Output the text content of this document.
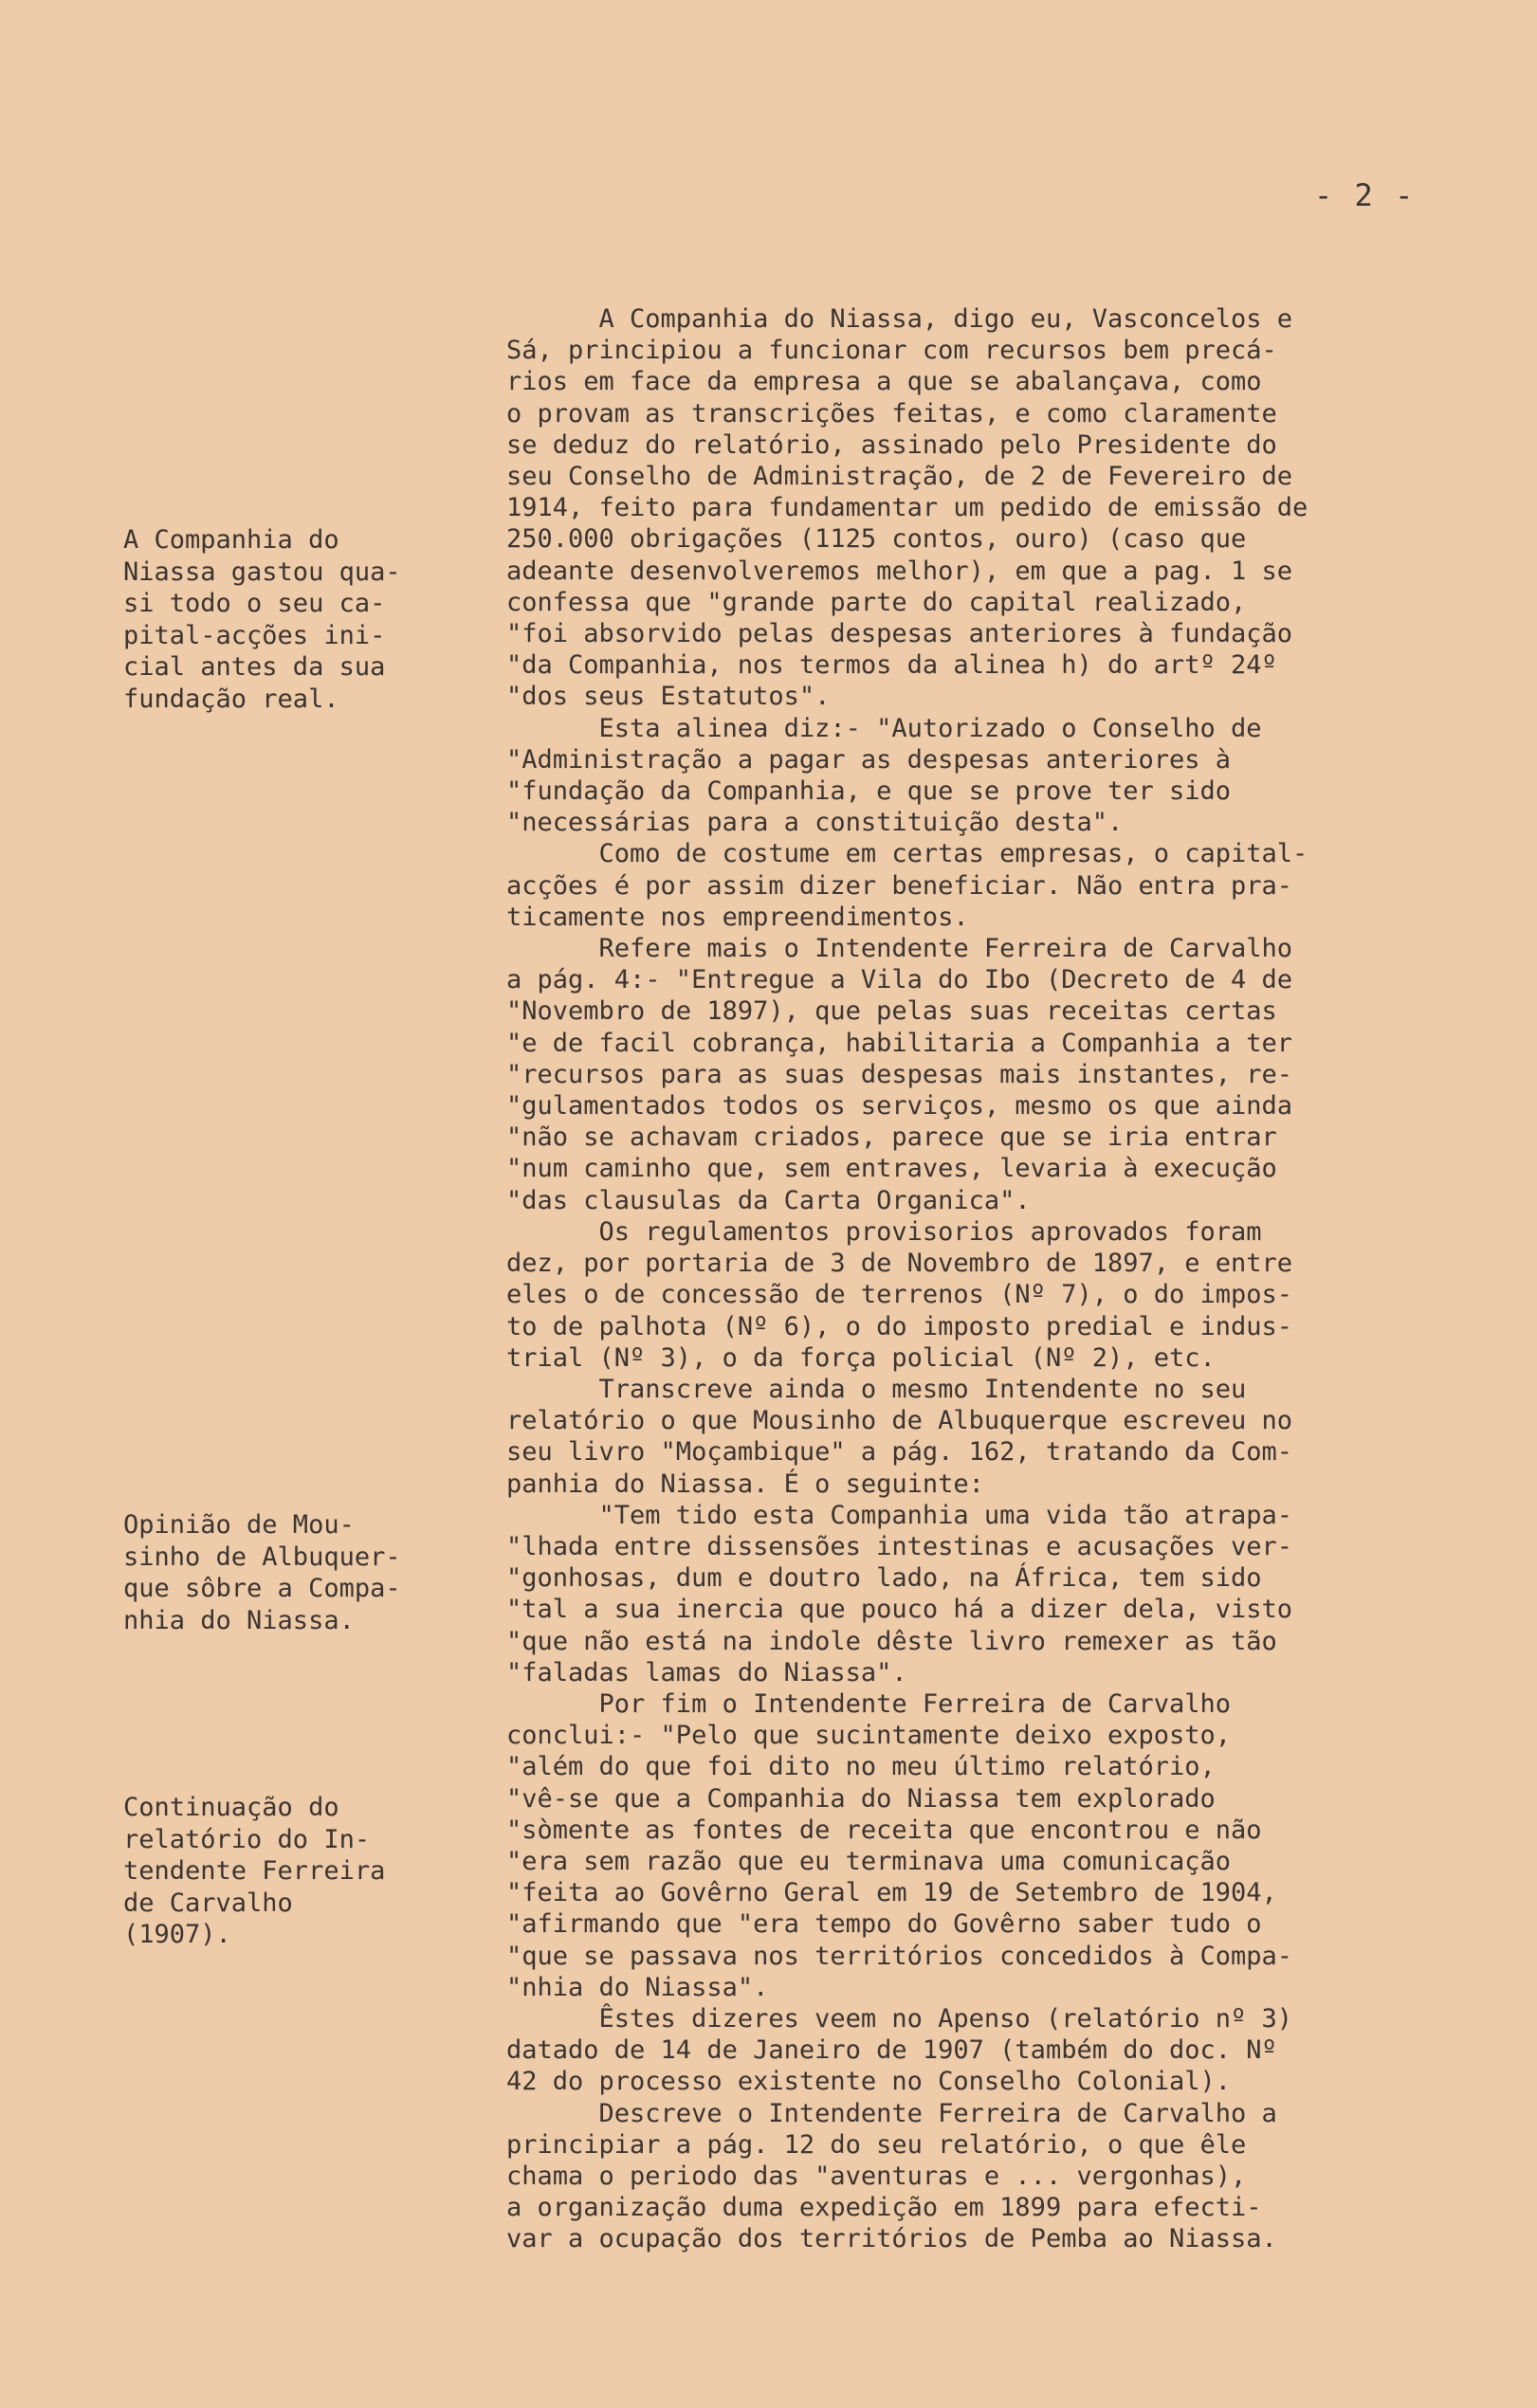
- 2 -
A Companhia do
Niassa gastou qua-
si todo o seu ca-
pital-acções ini-
cial antes da sua
fundação real.
Opinião de Mou-
sinho de Albuquer-
que sôbre a Compa-
nhia do Niassa.
Continuação do
relatório do In-
tendente Ferreira
de Carvalho
(1907).
A Companhia do Niassa, digo eu, Vasconcelos e
Sá, principiou a funcionar com recursos bem precá-
rios em face da empresa a que se abalançava, como
o provam as transcrições feitas, e como claramente
se deduz do relatório, assinado pelo Presidente do
seu Conselho de Administração, de 2 de Fevereiro de
1914, feito para fundamentar um pedido de emissão de
250.000 obrigações (1125 contos, ouro) (caso que
adeante desenvolveremos melhor), em que a pag. 1 se
confessa que "grande parte do capital realizado,
"foi absorvido pelas despesas anteriores à fundação
"da Companhia, nos termos da alinea h) do artº 24º
"dos seus Estatutos".
Esta alinea diz:- "Autorizado o Conselho de
"Administração a pagar as despesas anteriores à
"fundação da Companhia, e que se prove ter sido
"necessárias para a constituição desta".
Como de costume em certas empresas, o capital-
acções é por assim dizer beneficiar. Não entra pra-
ticamente nos empreendimentos.
Refere mais o Intendente Ferreira de Carvalho
a pág. 4:- "Entregue a Vila do Ibo (Decreto de 4 de
"Novembro de 1897), que pelas suas receitas certas
"e de facil cobrança, habilitaria a Companhia a ter
"recursos para as suas despesas mais instantes, re-
"gulamentados todos os serviços, mesmo os que ainda
"não se achavam criados, parece que se iria entrar
"num caminho que, sem entraves, levaria à execução
"das clausulas da Carta Organica".
Os regulamentos provisorios aprovados foram
dez, por portaria de 3 de Novembro de 1897, e entre
eles o de concessão de terrenos (Nº 7), o do impos-
to de palhota (Nº 6), o do imposto predial e indus-
trial (Nº 3), o da força policial (Nº 2), etc.
Transcreve ainda o mesmo Intendente no seu
relatório o que Mousinho de Albuquerque escreveu no
seu livro "Moçambique" a pág. 162, tratando da Com-
panhia do Niassa. É o seguinte:
"Tem tido esta Companhia uma vida tão atrapa-
"lhada entre dissensões intestinas e acusações ver-
"gonhosas, dum e doutro lado, na África, tem sido
"tal a sua inercia que pouco há a dizer dela, visto
"que não está na indole dêste livro remexer as tão
"faladas lamas do Niassa".
Por fim o Intendente Ferreira de Carvalho
conclui:- "Pelo que sucintamente deixo exposto,
"além do que foi dito no meu último relatório,
"vê-se que a Companhia do Niassa tem explorado
"sòmente as fontes de receita que encontrou e não
"era sem razão que eu terminava uma comunicação
"feita ao Govêrno Geral em 19 de Setembro de 1904,
"afirmando que "era tempo do Govêrno saber tudo o
"que se passava nos territórios concedidos à Compa-
"nhia do Niassa".
Êstes dizeres veem no Apenso (relatório nº 3)
datado de 14 de Janeiro de 1907 (também do doc. Nº
42 do processo existente no Conselho Colonial).
Descreve o Intendente Ferreira de Carvalho a
principiar a pág. 12 do seu relatório, o que êle
chama o periodo das "aventuras e ... vergonhas),
a organização duma expedição em 1899 para efecti-
var a ocupação dos territórios de Pemba ao Niassa.
